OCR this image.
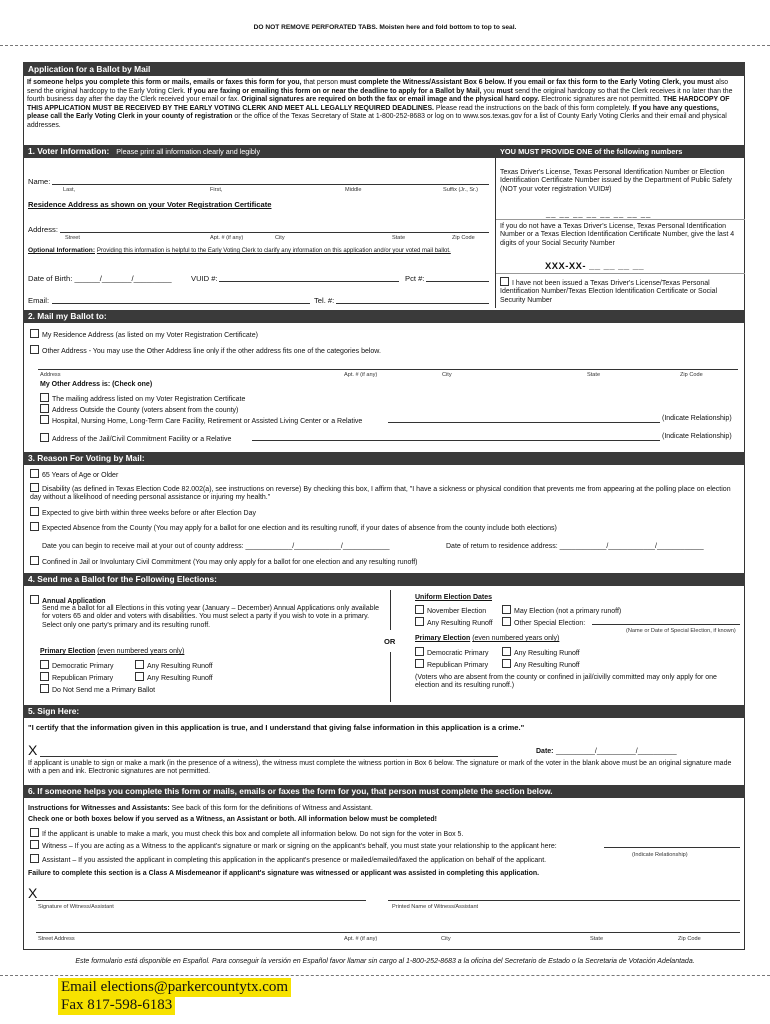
DO NOT REMOVE PERFORATED TABS. Moisten here and fold bottom to top to seal.
Application for a Ballot by Mail
If someone helps you complete this form or mails, emails or faxes this form for you, that person must complete the Witness/Assistant Box 6 below. If you email or fax this form to the Early Voting Clerk, you must also send the original hardcopy to the Early Voting Clerk. If you are faxing or emailing this form on or near the deadline to apply for a Ballot by Mail, you must send the original hardcopy so that the Clerk receives it no later than the fourth business day after the day the Clerk received your email or fax. Original signatures are required on both the fax or email image and the physical hard copy. Electronic signatures are not permitted. THE HARDCOPY OF THIS APPLICATION MUST BE RECEIVED BY THE EARLY VOTING CLERK AND MEET ALL LEGALLY REQUIRED DEADLINES. Please read the instructions on the back of this form completely. If you have any questions, please call the Early Voting Clerk in your county of registration or the office of the Texas Secretary of State at 1-800-252-8683 or log on to www.sos.texas.gov for a list of County Early Voting Clerks and their email and physical addresses.
1. Voter Information: Please print all information clearly and legibly	YOU MUST PROVIDE ONE of the following numbers
Name:
Last,	First,	Middle	Suffix (Jr., Sr.)
Residence Address as shown on your Voter Registration Certificate
Address:
Street	Apt. # (if any)	City	State	Zip Code
Optional Information: Providing this information is helpful to the Early Voting Clerk to clarify any information on this application and/or your voted mail ballot.
Date of Birth: ______/_______/_________	VUID #:	Pct #:
Email:	Tel. #:
Texas Driver's License, Texas Personal Identification Number or Election Identification Certificate Number issued by the Department of Public Safety (NOT your voter registration VUID#)
__ __ __ __ __ __ __ __
If you do not have a Texas Driver's License, Texas Personal Identification Number or a Texas Election Identification Certificate Number, give the last 4 digits of your Social Security Number
XXX-XX- __ __ __ __
I have not been issued a Texas Driver's License/Texas Personal Identification Number/Texas Election Identification Certificate or Social Security Number
2. Mail my Ballot to:
My Residence Address (as listed on my Voter Registration Certificate)
Other Address - You may use the Other Address line only if the other address fits one of the categories below.
Address	Apt. # (if any)	City	State	Zip Code
My Other Address is: (Check one)
The mailing address listed on my Voter Registration Certificate
Address Outside the County (voters absent from the county)
Hospital, Nursing Home, Long-Term Care Facility, Retirement or Assisted Living Center or a Relative	(Indicate Relationship)
Address of the Jail/Civil Commitment Facility or a Relative	(Indicate Relationship)
3. Reason For Voting by Mail:
65 Years of Age or Older
Disability (as defined in Texas Election Code 82.002(a), see instructions on reverse) By checking this box, I affirm that, "I have a sickness or physical condition that prevents me from appearing at the polling place on election day without a likelihood of needing personal assistance or injuring my health."
Expected to give birth within three weeks before or after Election Day
Expected Absence from the County (You may apply for a ballot for one election and its resulting runoff, if your dates of absence from the county include both elections)
Date you can begin to receive mail at your out of county address: ____________/____________/____________	Date of return to residence address: ____________/____________/____________
Confined in Jail or Involuntary Civil Commitment (You may only apply for a ballot for one election and any resulting runoff)
4. Send me a Ballot for the Following Elections:
Annual Application
Send me a ballot for all Elections in this voting year (January – December) Annual Applications only available for voters 65 and older and voters with disabilities. You must select a party if you wish to vote in a primary. Select only one party's primary and its resulting runoff.
Primary Election (even numbered years only)
Democratic Primary	Any Resulting Runoff
Republican Primary	Any Resulting Runoff
Do Not Send me a Primary Ballot
OR
Uniform Election Dates
November Election	May Election (not a primary runoff)
Any Resulting Runoff	Other Special Election:
(Name or Date of Special Election, if known)
Primary Election (even numbered years only)
Democratic Primary	Any Resulting Runoff
Republican Primary	Any Resulting Runoff
(Voters who are absent from the county or confined in jail/civilly committed may only apply for one election and its resulting runoff.)
5. Sign Here:
"I certify that the information given in this application is true, and I understand that giving false information in this application is a crime."
X	Date: __________/__________/__________
If applicant is unable to sign or make a mark (in the presence of a witness), the witness must complete the witness portion in Box 6 below. The signature or mark of the voter in the blank above must be an original signature made with a pen and ink. Electronic signatures are not permitted.
6. If someone helps you complete this form or mails, emails or faxes the form for you, that person must complete the section below.
Instructions for Witnesses and Assistants: See back of this form for the definitions of Witness and Assistant.
Check one or both boxes below if you served as a Witness, an Assistant or both. All information below must be completed!
If the applicant is unable to make a mark, you must check this box and complete all information below. Do not sign for the voter in Box 5.
Witness – If you are acting as a Witness to the applicant's signature or mark or signing on the applicant's behalf, you must state your relationship to the applicant here:
Assistant – If you assisted the applicant in completing this application in the applicant's presence or mailed/emailed/faxed the application on behalf of the applicant.
(Indicate Relationship)
Failure to complete this section is a Class A Misdemeanor if applicant's signature was witnessed or applicant was assisted in completing this application.
X
Signature of Witness/Assistant	Printed Name of Witness/Assistant
Street Address	Apt. # (if any)	City	State	Zip Code
Este formulario está disponible en Español. Para conseguir la versión en Español favor llamar sin cargo al 1-800-252-8683 a la oficina del Secretario de Estado o la Secretaria de Votación Adelantada.
Email elections@parkercountytx.com
Fax 817-598-6183
